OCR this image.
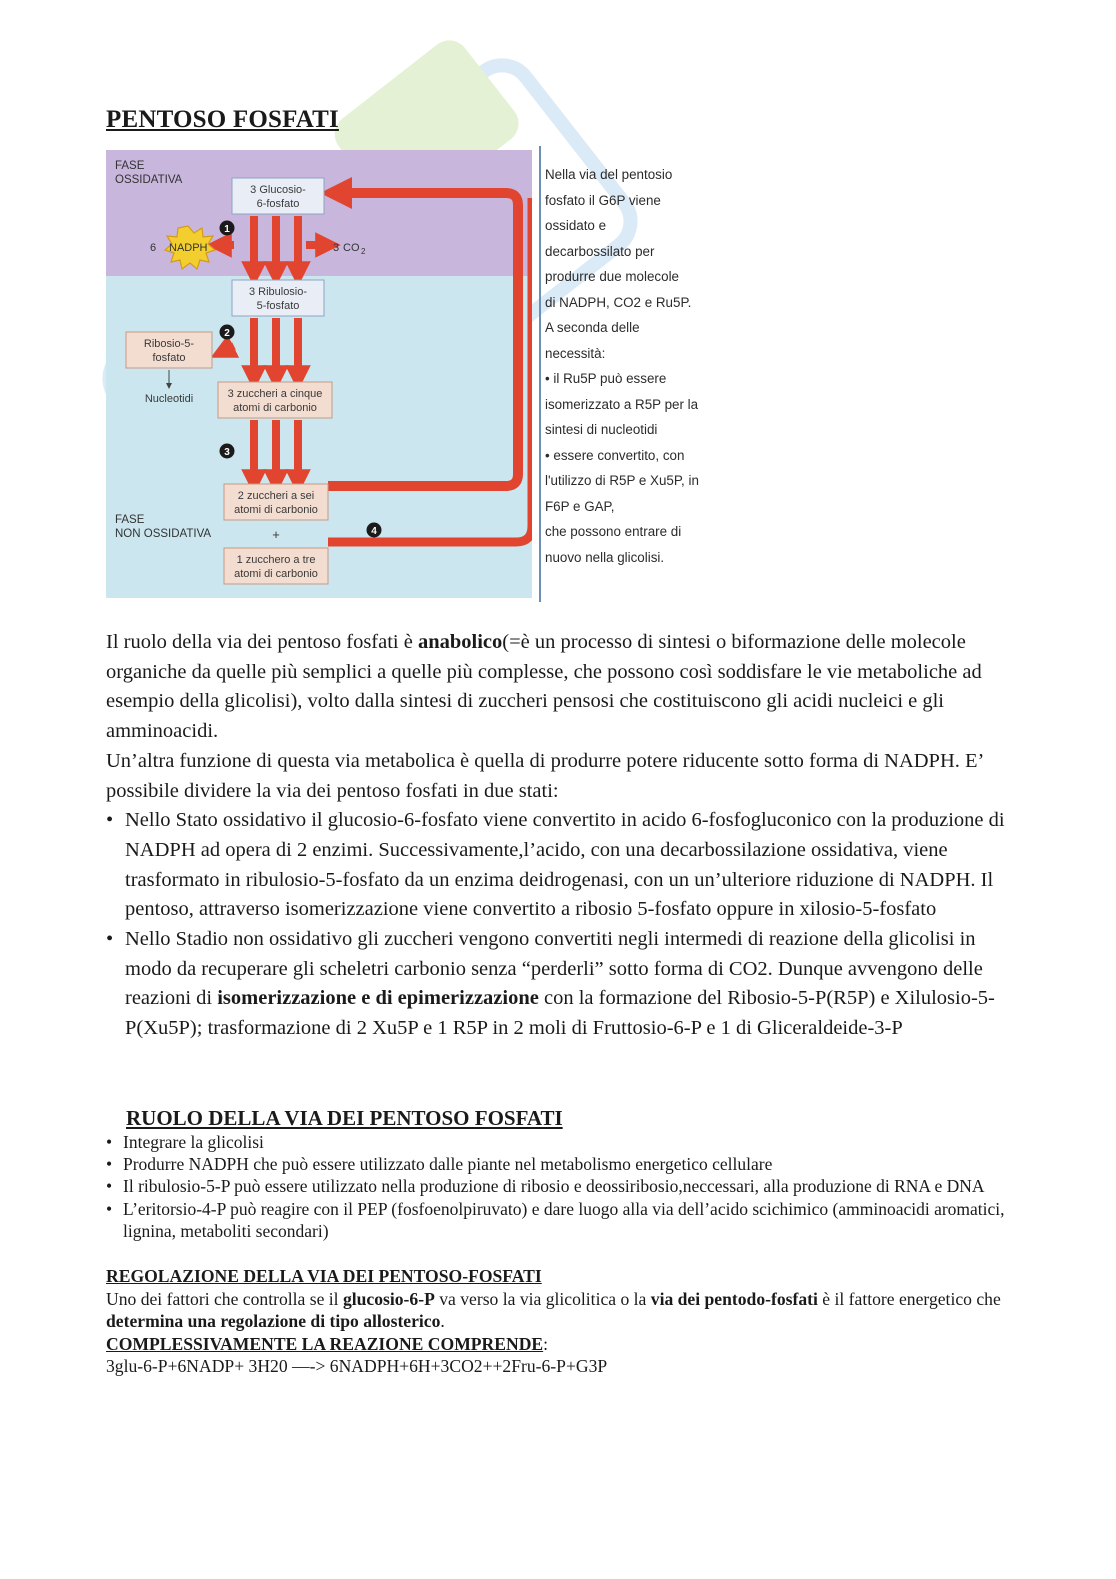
PENTOSO FOSFATI
FASE
OSSIDATIVA
FASE
NON OSSIDATIVA
6 NADPH	3 CO 2
3 Glucosio-
6-fosfato
3 Ribulosio-
5-fosfato
Ribosio-5-
fosfato
Nucleotidi	3 zuccheri a cinque
atomi di carbonio
2 zuccheri a sei
atomi di carbonio
+
1 zucchero a tre
atomi di carbonio
1
2
3
4
Nella via del pentosio
fosfato il G6P viene
ossidato e
decarbossilato per
produrre due molecole
di NADPH, CO2 e Ru5P.
A seconda delle
necessità:
• il Ru5P può essere
isomerizzato a R5P per la
sintesi di nucleotidi
• essere convertito, con
l'utilizzo di R5P e Xu5P, in
F6P e GAP,
che possono entrare di
nuovo nella glicolisi.

Il ruolo della via dei pentoso fosfati è anabolico(=è un processo di sintesi o biformazione delle molecole organiche da quelle più semplici a quelle più complesse, che possono così soddisfare le vie metaboliche ad esempio della glicolisi), volto dalla sintesi di zuccheri pensosi che costituiscono gli acidi nucleici e gli amminoacidi.

Un’altra funzione di questa via metabolica è quella di produrre potere riducente sotto forma di NADPH. E’ possibile dividere la via dei pentoso fosfati in due stati:

• Nello Stato ossidativo il glucosio-6-fosfato viene convertito in acido 6-fosfogluconico con la produzione di NADPH ad opera di 2 enzimi. Successivamente,l’acido, con una decarbossilazione ossidativa, viene trasformato in ribulosio-5-fosfato da un enzima deidrogenasi, con un un’ulteriore riduzione di NADPH. Il pentoso, attraverso isomerizzazione viene convertito a ribosio 5-fosfato oppure in xilosio-5-fosfato
• Nello Stadio non ossidativo gli zuccheri vengono convertiti negli intermedi di reazione della glicolisi in modo da recuperare gli scheletri carbonio senza “perderli” sotto forma di CO2. Dunque avvengono delle reazioni di isomerizzazione e di epimerizzazione con la formazione del Ribosio-5-P(R5P) e Xilulosio-5-P(Xu5P); trasformazione di 2 Xu5P e 1 R5P in 2 moli di Fruttosio-6-P e 1 di Gliceraldeide-3-P
RUOLO DELLA VIA DEI PENTOSO FOSFATI
• Integrare la glicolisi
• Produrre NADPH che può essere utilizzato dalle piante nel metabolismo energetico cellulare
• Il ribulosio-5-P può essere utilizzato nella produzione di ribosio e deossiribosio,neccessari, alla produzione di RNA e DNA
• L’eritorsio-4-P può reagire con il PEP (fosfoenolpiruvato) e dare luogo alla via dell’acido scichimico (amminoacidi aromatici, lignina, metaboliti secondari)

REGOLAZIONE DELLA VIA DEI PENTOSO-FOSFATI

Uno dei fattori che controlla se il glucosio-6-P va verso la via glicolitica o la via dei pentodo-fosfati è il fattore energetico che determina una regolazione di tipo allosterico.

COMPLESSIVAMENTE LA REAZIONE COMPRENDE:

3glu-6-P+6NADP+ 3H20 —-> 6NADPH+6H+3CO2++2Fru-6-P+G3P
